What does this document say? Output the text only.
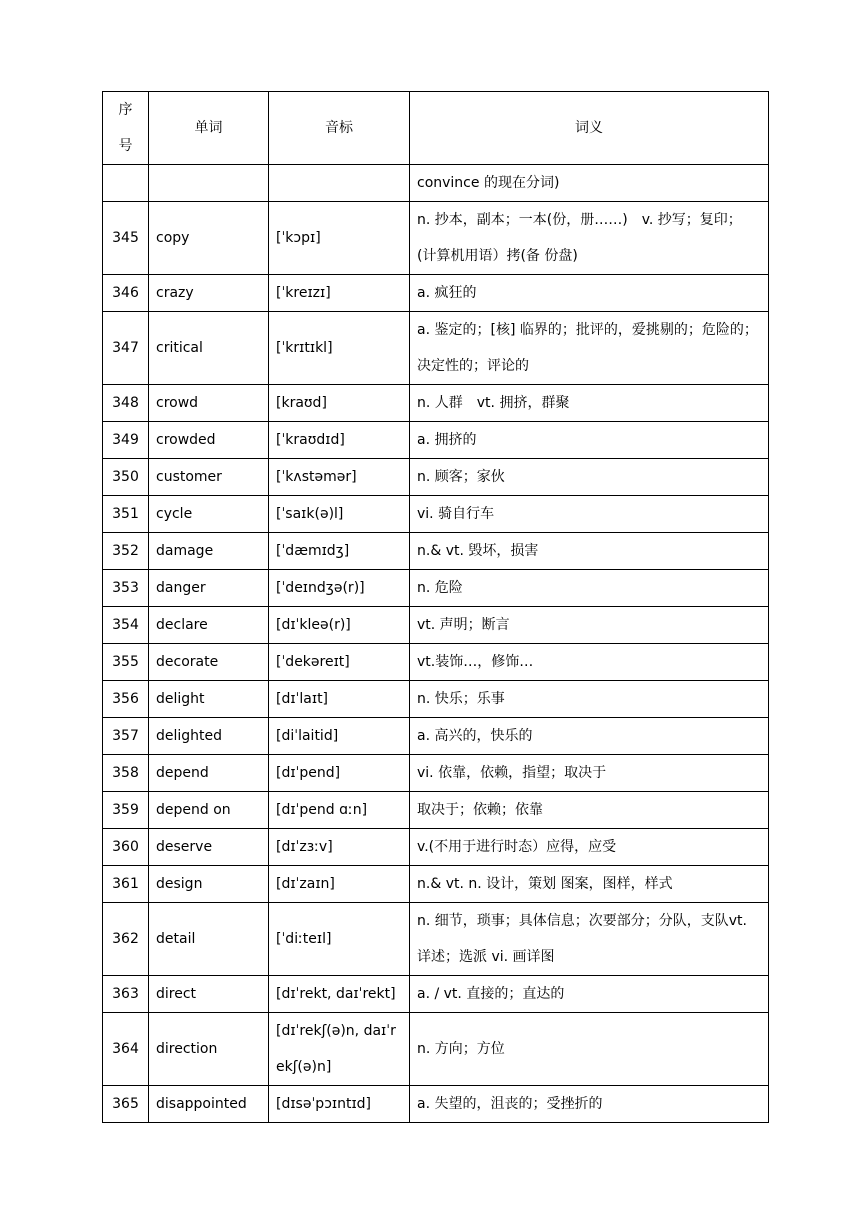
序号	单词	音标	词义
			convince 的现在分词)
345	copy	[ˈkɔpɪ]	n. 抄本，副本；一本(份，册……)　v. 抄写；复印；(计算机用语）拷(备 份盘)
346	crazy	[ˈkreɪzɪ]	a. 疯狂的
347	critical	[ˈkrɪtɪkl]	a. 鉴定的；[核] 临界的；批评的，爱挑剔的；危险的；决定性的；评论的
348	crowd	[kraʊd]	n. 人群　vt. 拥挤，群聚
349	crowded	[ˈkraʊdɪd]	a. 拥挤的
350	customer	[ˈkʌstəmər]	n. 顾客；家伙
351	cycle	[ˈsaɪk(ə)l]	vi. 骑自行车
352	damage	[ˈdæmɪdʒ]	n.& vt. 毁坏，损害
353	danger	[ˈdeɪndʒə(r)]	n. 危险
354	declare	[dɪˈkleə(r)]	vt. 声明；断言
355	decorate	[ˈdekəreɪt]	vt.装饰…，修饰…
356	delight	[dɪˈlaɪt]	n. 快乐；乐事
357	delighted	[diˈlaitid]	a. 高兴的，快乐的
358	depend	[dɪˈpend]	vi. 依靠，依赖，指望；取决于
359	depend on	[dɪˈpend ɑːn]	取决于；依赖；依靠
360	deserve	[dɪˈzɜːv]	v.(不用于进行时态）应得，应受
361	design	[dɪˈzaɪn]	n.& vt. n. 设计，策划 图案，图样，样式
362	detail	[ˈdiːteɪl]	n. 细节，琐事；具体信息；次要部分；分队，支队vt. 详述；选派 vi. 画详图
363	direct	[dɪˈrekt, daɪˈrekt]	a. / vt. 直接的；直达的
364	direction	[dɪˈrekʃ(ə)n, daɪˈrekʃ(ə)n]	n. 方向；方位
365	disappointed	[dɪsəˈpɔɪntɪd]	a. 失望的，沮丧的；受挫折的
